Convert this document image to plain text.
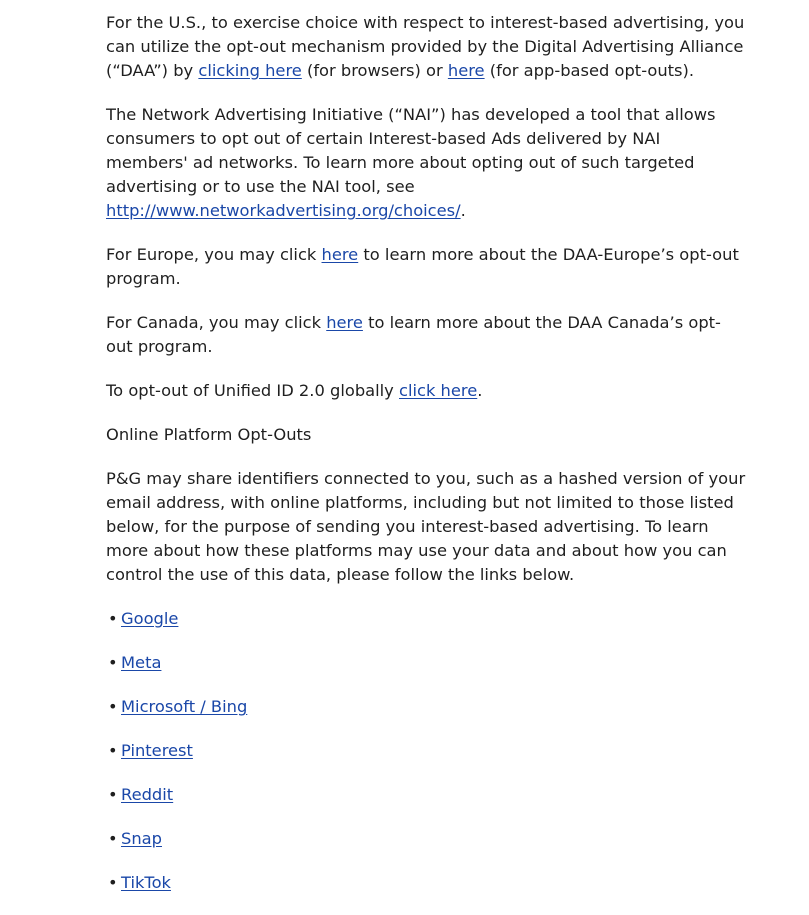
For the U.S., to exercise choice with respect to interest-based advertising, you can utilize the opt-out mechanism provided by the Digital Advertising Alliance (“DAA”) by clicking here (for browsers) or here (for app-based opt-outs).

The Network Advertising Initiative (“NAI”) has developed a tool that allows consumers to opt out of certain Interest-based Ads delivered by NAI members' ad networks. To learn more about opting out of such targeted advertising or to use the NAI tool, see http://www.networkadvertising.org/choices/.

For Europe, you may click here to learn more about the DAA-Europe’s opt-out program.

For Canada, you may click here to learn more about the DAA Canada’s opt-out program.

To opt-out of Unified ID 2.0 globally click here.

Online Platform Opt-Outs

P&G may share identifiers connected to you, such as a hashed version of your email address, with online platforms, including but not limited to those listed below, for the purpose of sending you interest-based advertising. To learn more about how these platforms may use your data and about how you can control the use of this data, please follow the links below.

• Google
• Meta
• Microsoft / Bing
• Pinterest
• Reddit
• Snap
• TikTok
